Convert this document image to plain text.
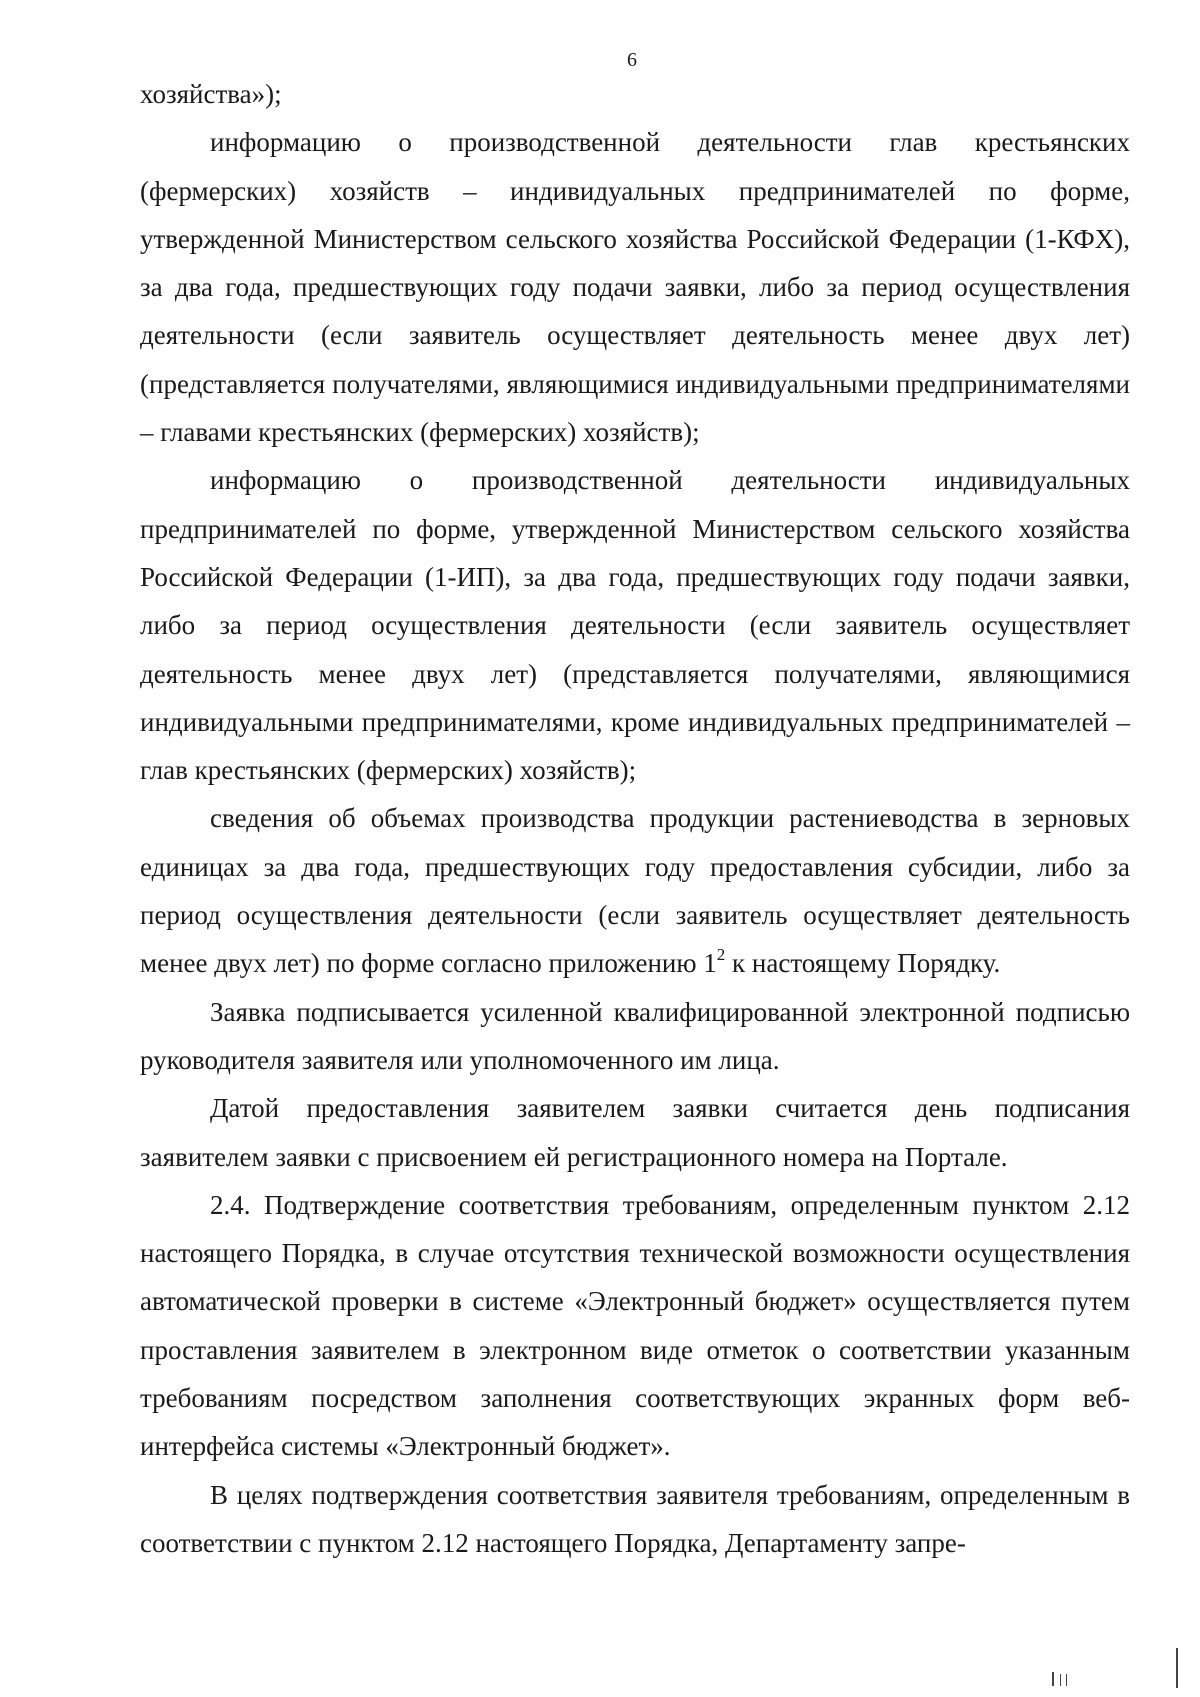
6

хозяйства»);

информацию о производственной деятельности глав крестьянских (фермерских) хозяйств – индивидуальных предпринимателей по форме, утвержденной Министерством сельского хозяйства Российской Федерации (1-КФХ), за два года, предшествующих году подачи заявки, либо за период осуществления деятельности (если заявитель осуществляет деятельность менее двух лет) (представляется получателями, являющимися индивидуальными предпринимателями – главами крестьянских (фермерских) хозяйств);

информацию о производственной деятельности индивидуальных предпринимателей по форме, утвержденной Министерством сельского хозяйства Российской Федерации (1-ИП), за два года, предшествующих году подачи заявки, либо за период осуществления деятельности (если заявитель осуществляет деятельность менее двух лет) (представляется получателями, являющимися индивидуальными предпринимателями, кроме индивидуальных предпринимателей – глав крестьянских (фермерских) хозяйств);

сведения об объемах производства продукции растениеводства в зерновых единицах за два года, предшествующих году предоставления субсидии, либо за период осуществления деятельности (если заявитель осуществляет деятельность менее двух лет) по форме согласно приложению $1^2$ к настоящему Порядку.

Заявка подписывается усиленной квалифицированной электронной подписью руководителя заявителя или уполномоченного им лица.

Датой предоставления заявителем заявки считается день подписания заявителем заявки с присвоением ей регистрационного номера на Портале.

2.4. Подтверждение соответствия требованиям, определенным пунктом 2.12 настоящего Порядка, в случае отсутствия технической возможности осуществления автоматической проверки в системе «Электронный бюджет» осуществляется путем проставления заявителем в электронном виде отметок о соответствии указанным требованиям посредством заполнения соответствующих экранных форм веб-интерфейса системы «Электронный бюджет».

В целях подтверждения соответствия заявителя требованиям, определенным в соответствии с пунктом 2.12 настоящего Порядка, Департаменту запре-
